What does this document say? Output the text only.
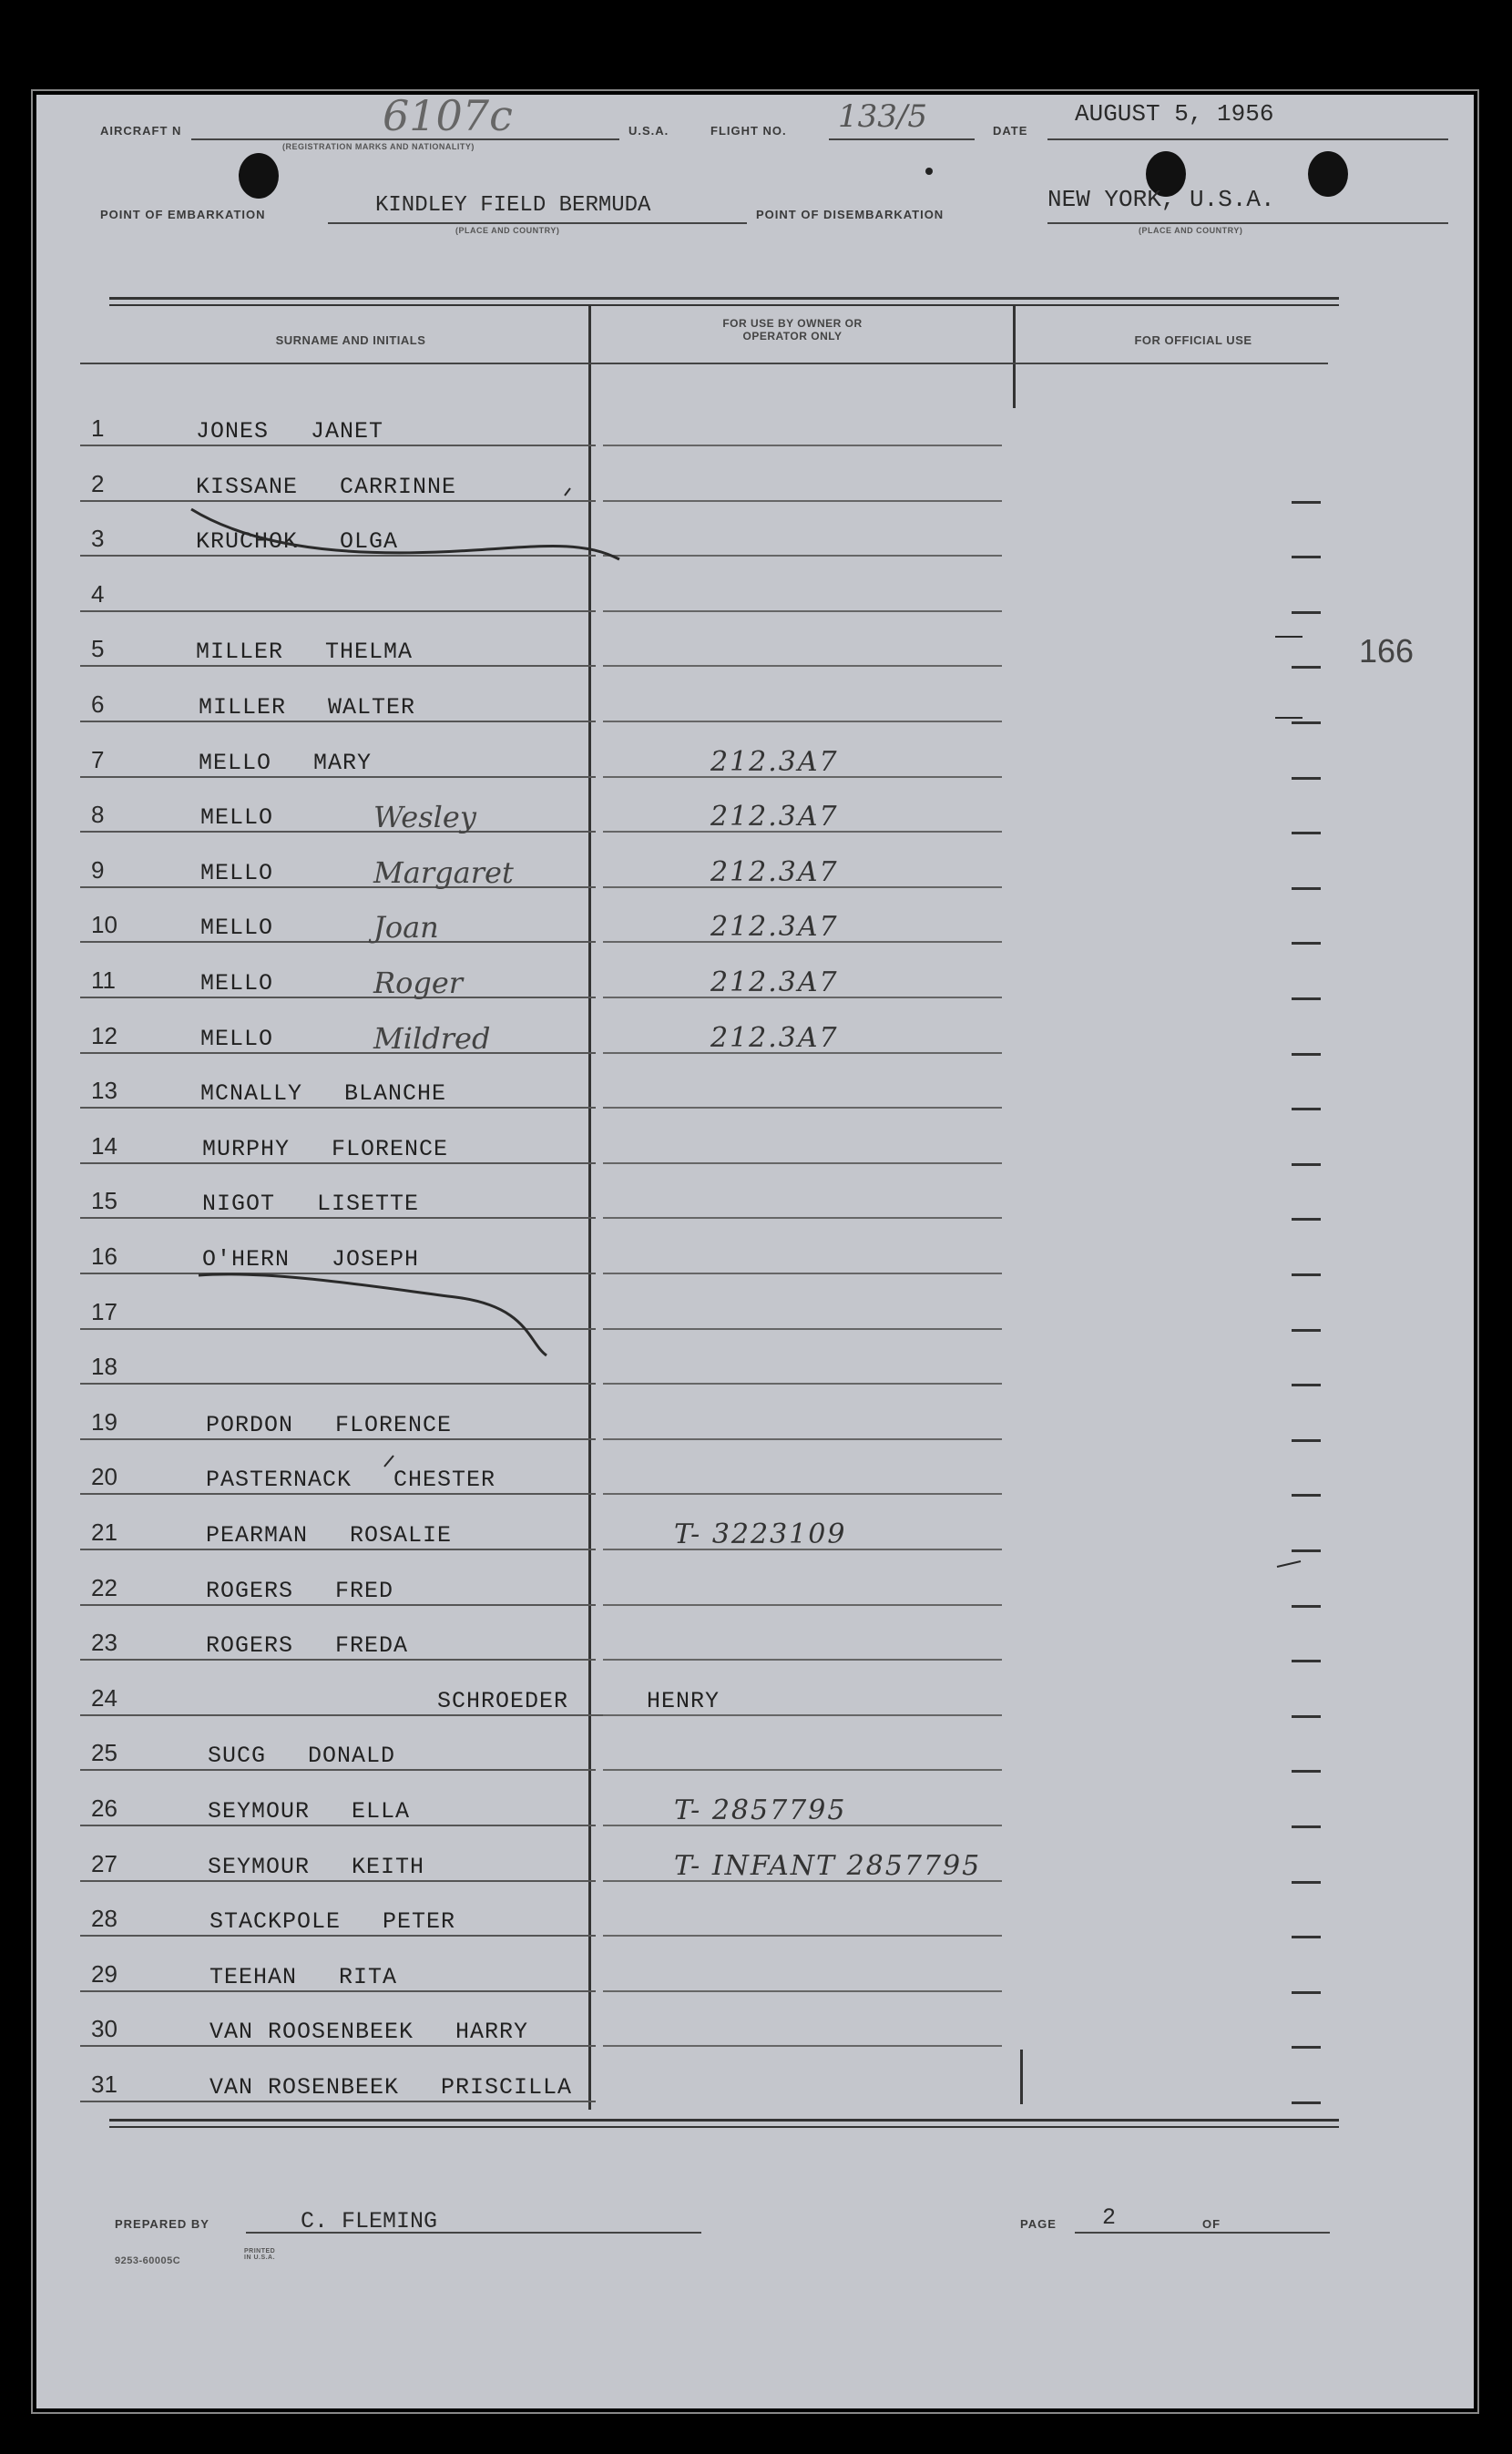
AIRCRAFT N	6107c
(REGISTRATION MARKS AND NATIONALITY)
U.S.A.	FLIGHT NO. 133/5	DATE
AUGUST 5, 1956
POINT OF EMBARKATION	KINDLEY FIELD BERMUDA
(PLACE AND COUNTRY)
POINT OF DISEMBARKATION
NEW YORK, U.S.A.
(PLACE AND COUNTRY)
SURNAME AND INITIALS
FOR USE BY OWNER OR OPERATOR ONLY	FOR OFFICIAL USE
166
1	JONES JANET
2	KISSANE CARRINNE
3	KRUCHOK OLGA
4
5	MILLER THELMA
6	MILLER WALTER
7	MELLO MARY	212.3A7
8	MELLO	Wesley	212.3A7
9	MELLO	Margaret	212.3A7
10	MELLO	Joan	212.3A7
11	MELLO	Roger	212.3A7
12	MELLO	Mildred	212.3A7
13	MCNALLY BLANCHE
14	MURPHY FLORENCE
15	NIGOT LISETTE
16	O'HERN JOSEPH
17
18
19	PORDON FLORENCE
20	PASTERNACK CHESTER
21	PEARMAN ROSALIE	T- 3223109
22	ROGERS FRED
23	ROGERS FREDA
24	SCHROEDER	HENRY
25	SUCG DONALD
26	SEYMOUR ELLA	T- 2857795
27	SEYMOUR KEITH	T- INFANT 2857795
28	STACKPOLE PETER
29	TEEHAN RITA
30	VAN ROOSENBEEK HARRY
31	VAN ROSENBEEK PRISCILLA
PREPARED BY	C. FLEMING	PAGE 2	OF
9253-60005C
PRINTED IN U.S.A.
